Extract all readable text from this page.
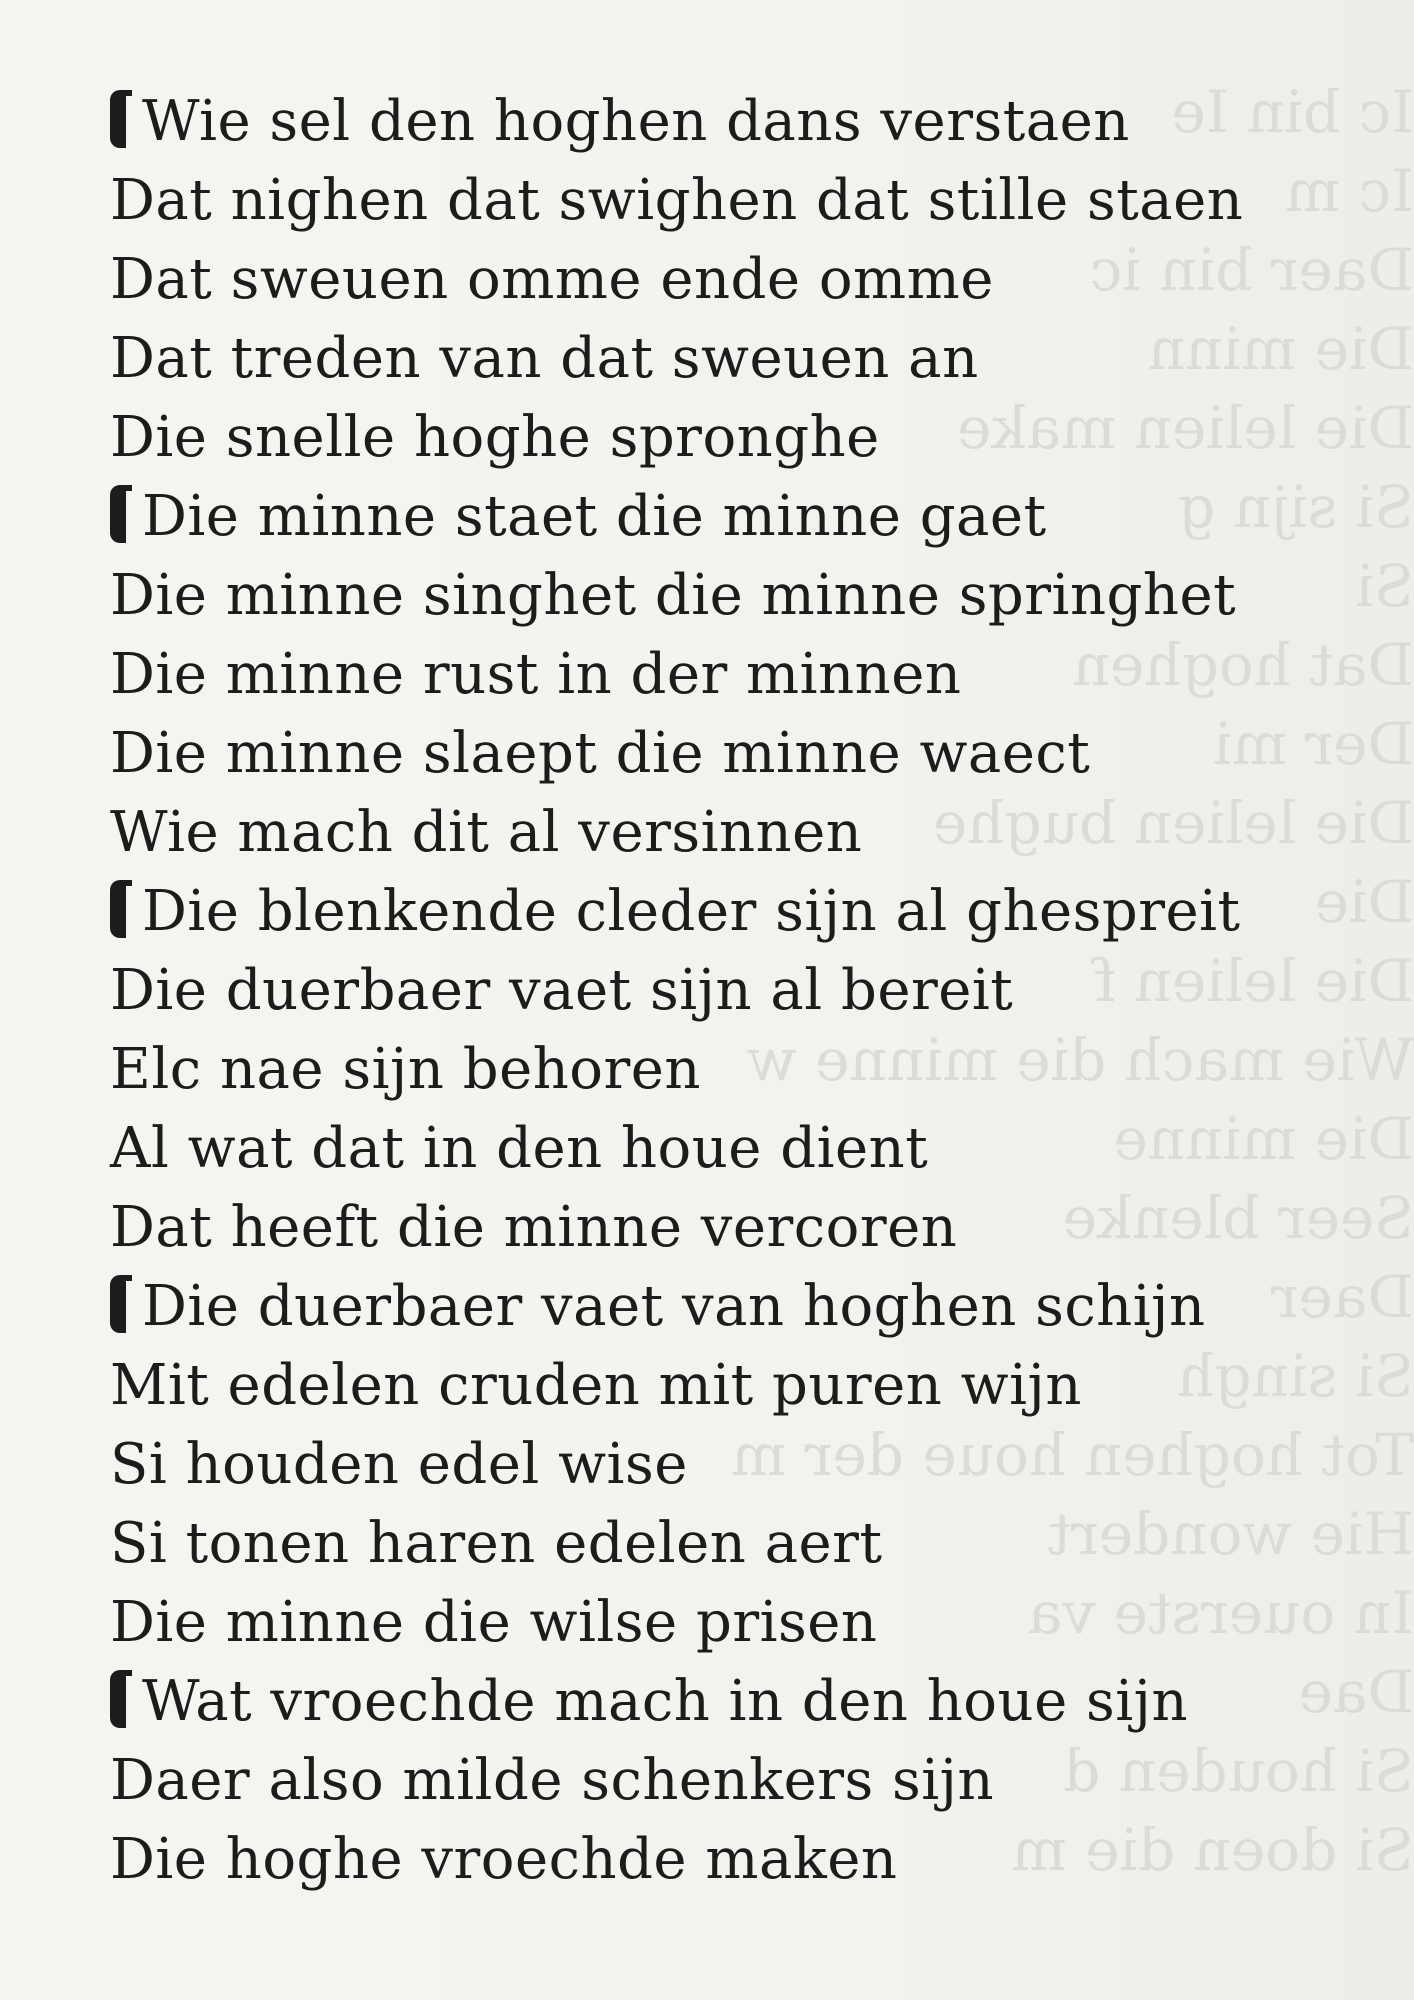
Ic bin Ie
Ic m
Daer bin ic
Die minn
Die lelien make
Si sijn g
Si
Dat hoghen
Der mi
Die lelien bughe
Die
Die lelien f
Wie mach die minne w
Die minne
Seer blenke
Daer
Si singh
Tot hoghen houe der m
Hie wondert
In ouerste va
Dae
Si houden d
Si doen die m
Wie sel den hoghen dans verstaen
Dat nighen dat swighen dat stille staen
Dat sweuen omme ende omme
Dat treden van dat sweuen an
Die snelle hoghe spronghe
Die minne staet die minne gaet
Die minne singhet die minne springhet
Die minne rust in der minnen
Die minne slaept die minne waect
Wie mach dit al versinnen
Die blenkende cleder sijn al ghespreit
Die duerbaer vaet sijn al bereit
Elc nae sijn behoren
Al wat dat in den houe dient
Dat heeft die minne vercoren
Die duerbaer vaet van hoghen schijn
Mit edelen cruden mit puren wijn
Si houden edel wise
Si tonen haren edelen aert
Die minne die wilse prisen
Wat vroechde mach in den houe sijn
Daer also milde schenkers sijn
Die hoghe vroechde maken
